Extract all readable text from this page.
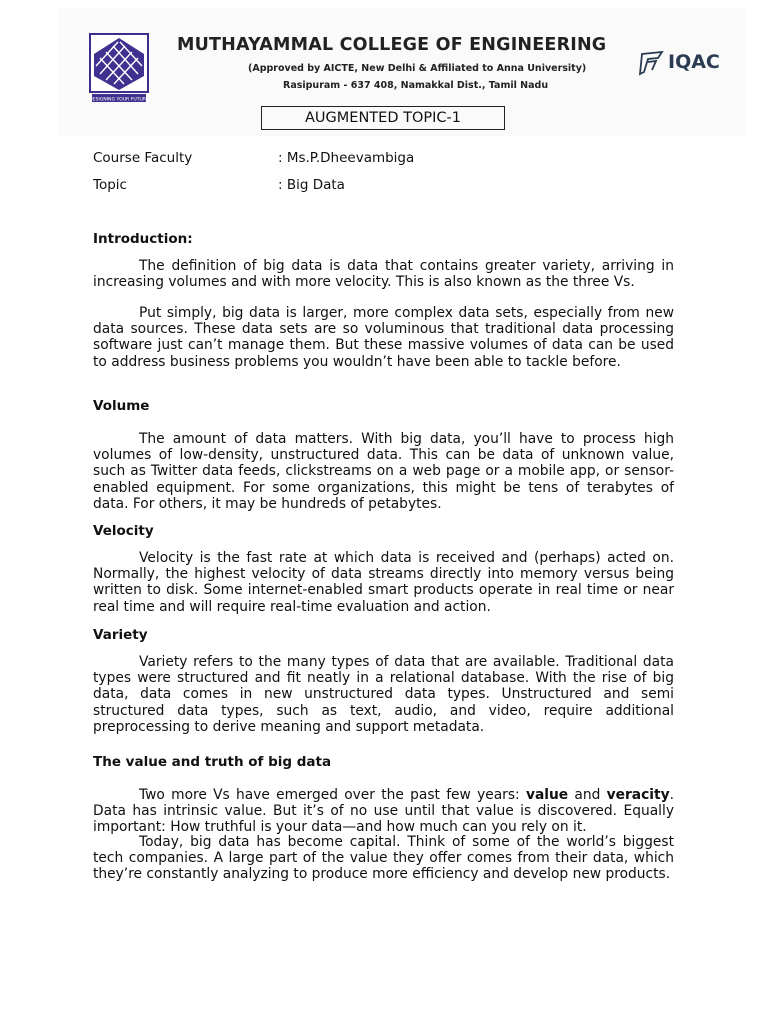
DESIGNING YOUR FUTURE
MUTHAYAMMAL COLLEGE OF ENGINEERING
(Approved by AICTE, New Delhi & Affiliated to Anna University)
Rasipuram - 637 408, Namakkal Dist., Tamil Nadu
IQAC
AUGMENTED TOPIC-1
Course Faculty	: Ms.P.Dheevambiga
Topic	: Big Data
Introduction:
The definition of big data is data that contains greater variety, arriving in increasing volumes and with more velocity. This is also known as the three Vs.
Put simply, big data is larger, more complex data sets, especially from new data sources. These data sets are so voluminous that traditional data processing software just can’t manage them. But these massive volumes of data can be used to address business problems you wouldn’t have been able to tackle before.
Volume
The amount of data matters. With big data, you’ll have to process high volumes of low-density, unstructured data. This can be data of unknown value, such as Twitter data feeds, clickstreams on a web page or a mobile app, or sensor-enabled equipment. For some organizations, this might be tens of terabytes of data. For others, it may be hundreds of petabytes.
Velocity
Velocity is the fast rate at which data is received and (perhaps) acted on. Normally, the highest velocity of data streams directly into memory versus being written to disk. Some internet-enabled smart products operate in real time or near real time and will require real-time evaluation and action.
Variety
Variety refers to the many types of data that are available. Traditional data types were structured and fit neatly in a relational database. With the rise of big data, data comes in new unstructured data types. Unstructured and semi structured data types, such as text, audio, and video, require additional preprocessing to derive meaning and support metadata.
The value and truth of big data
Two more Vs have emerged over the past few years: value and veracity. Data has intrinsic value. But it’s of no use until that value is discovered. Equally important: How truthful is your data—and how much can you rely on it.
Today, big data has become capital. Think of some of the world’s biggest tech companies. A large part of the value they offer comes from their data, which they’re constantly analyzing to produce more efficiency and develop new products.
